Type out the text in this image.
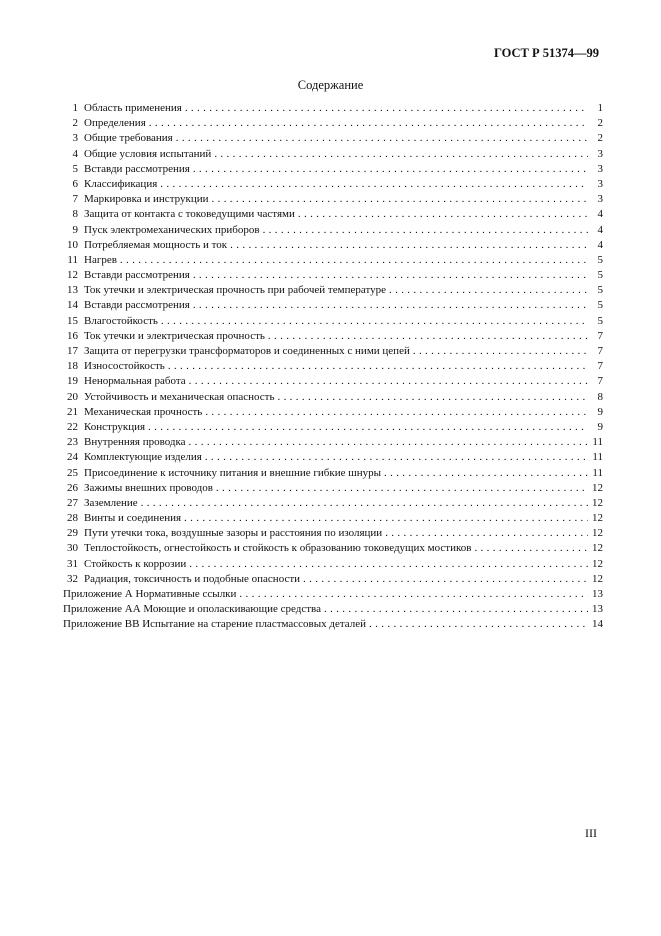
ГОСТ Р 51374—99
Содержание
1 Область применения . . .	1
2 Определения . . .	2
3 Общие требования . . .	2
4 Общие условия испытаний . . .	3
5 Вставди рассмотрения . . .	3
6 Классификация . . .	3
7 Маркировка и инструкции . . .	3
8 Защита от контакта с токоведущими частями . . .	4
9 Пуск электромеханических приборов . . .	4
10 Потребляемая мощность и ток . . .	4
11 Нагрев . . .	5
12 Вставди рассмотрения . . .	5
13 Ток утечки и электрическая прочность при рабочей температуре . . .	5
14 Вставди рассмотрения . . .	5
15 Влагостойкость . . .	5
16 Ток утечки и электрическая прочность . . .	7
17 Защита от перегрузки трансформаторов и соединенных с ними цепей . . .	7
18 Износостойкость . . .	7
19 Ненормальная работа . . .	7
20 Устойчивость и механическая опасность . . .	8
21 Механическая прочность . . .	9
22 Конструкция . . .	9
23 Внутренняя проводка . . .	11
24 Комплектующие изделия . . .	11
25 Присоединение к источнику питания и внешние гибкие шнуры . . .	11
26 Зажимы внешних проводов . . .	12
27 Заземление . . .	12
28 Винты и соединения . . .	12
29 Пути утечки тока, воздушные зазоры и расстояния по изоляции . . .	12
30 Теплостойкость, огнестойкость и стойкость к образованию токоведущих мостиков . . .	12
31 Стойкость к коррозии . . .	12
32 Радиация, токсичность и подобные опасности . . .	12
Приложение А Нормативные ссылки . . .	13
Приложение АА Моющие и ополаскивающие средства . . .	13
Приложение ВВ Испытание на старение пластмассовых деталей . . .	14
III
